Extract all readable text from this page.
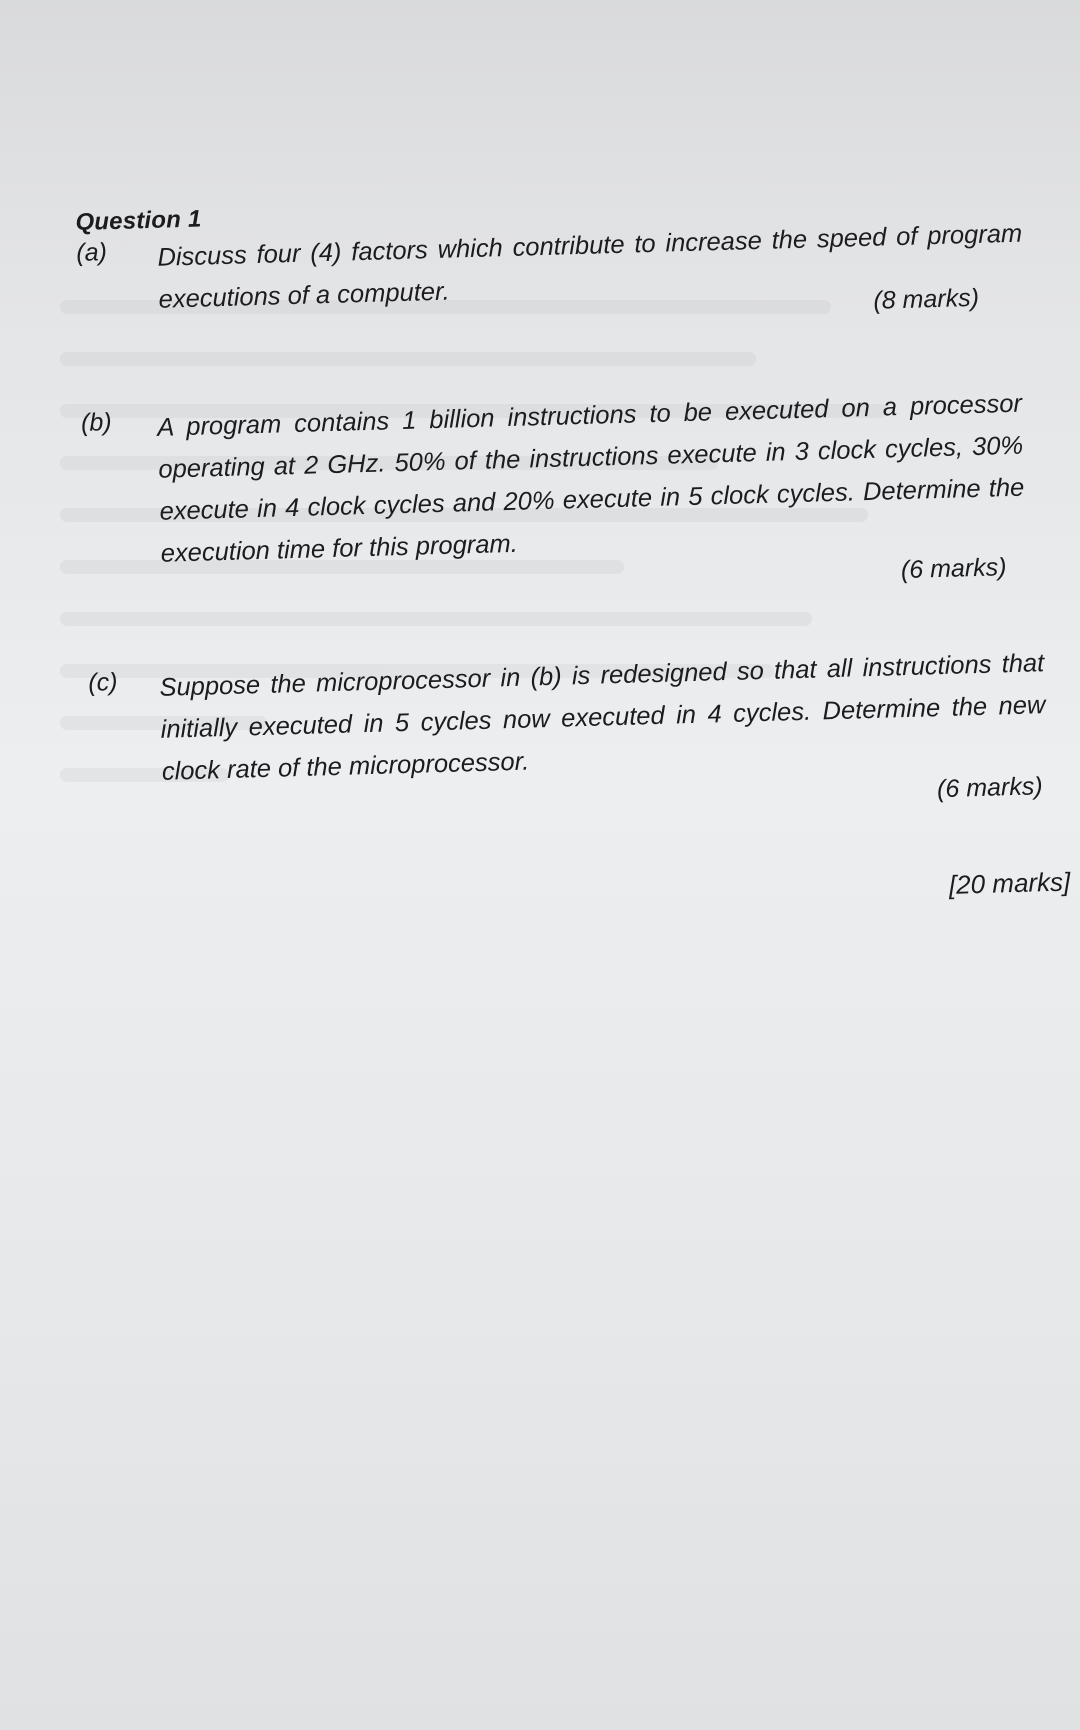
Question 1
(a) Discuss four (4) factors which contribute to increase the speed of program executions of a computer.	(8 marks)
(b) A program contains 1 billion instructions to be executed on a processor operating at 2 GHz. 50% of the instructions execute in 3 clock cycles, 30% execute in 4 clock cycles and 20% execute in 5 clock cycles. Determine the execution time for this program.
(6 marks)
(c) Suppose the microprocessor in (b) is redesigned so that all instructions that initially executed in 5 cycles now executed in 4 cycles. Determine the new clock rate of the microprocessor.
(6 marks)
[20 marks]
